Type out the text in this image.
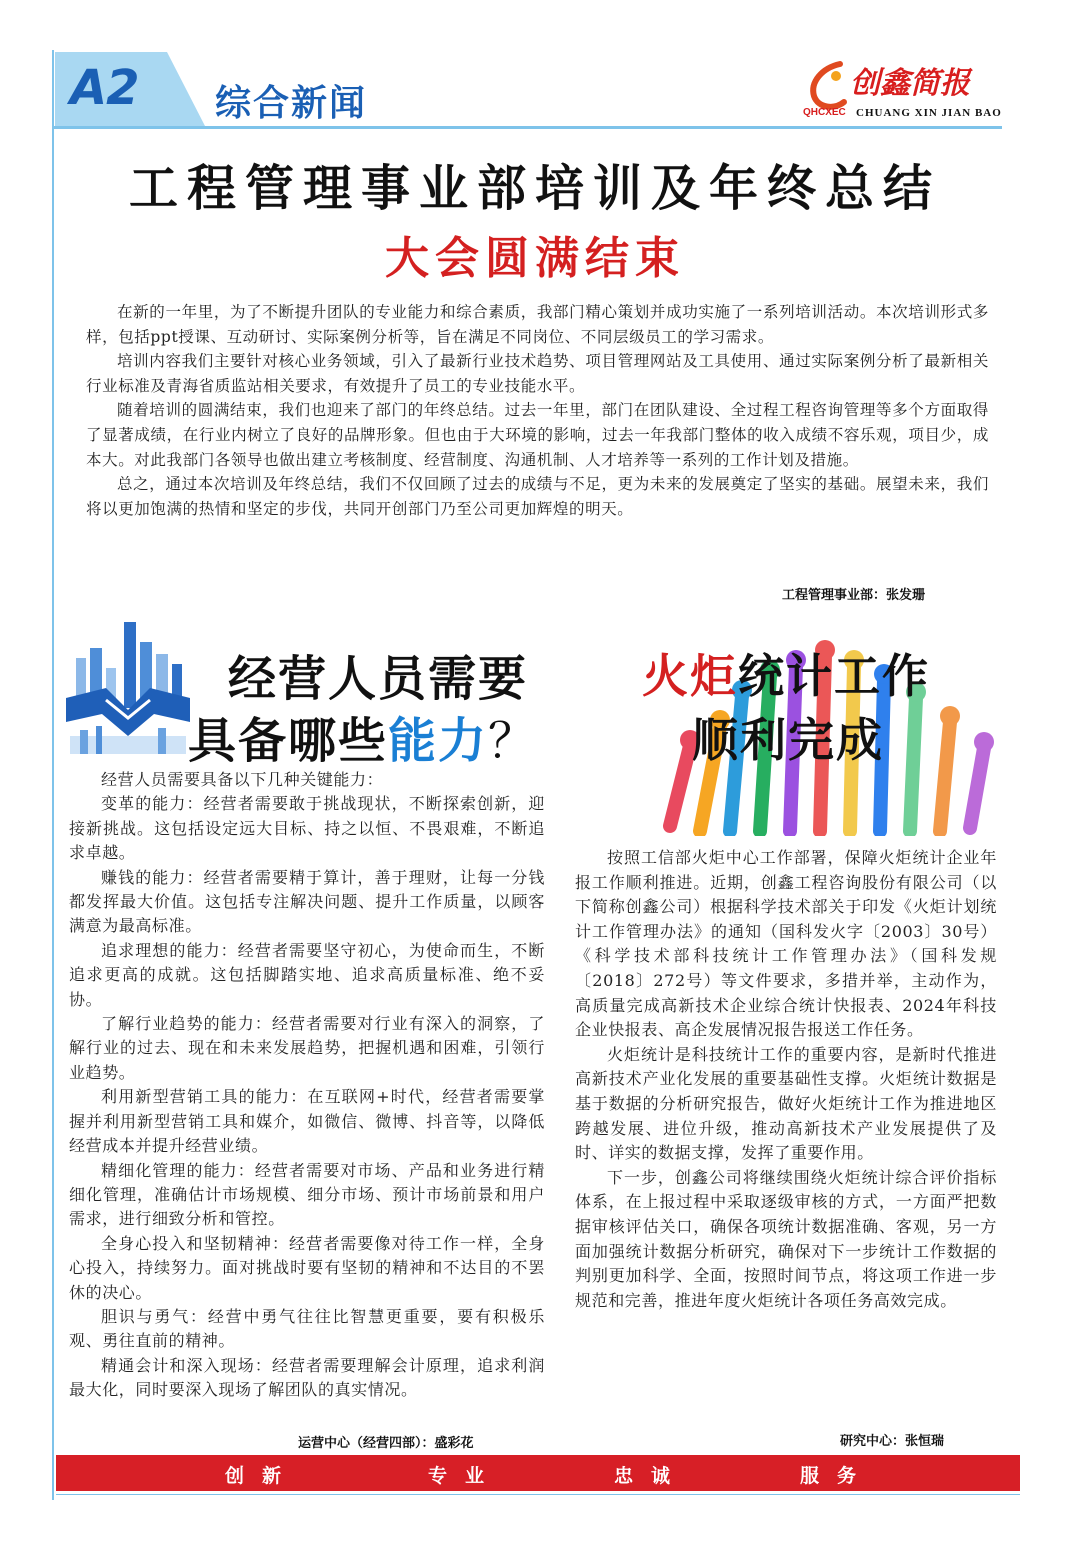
A2 综合新闻	创鑫简报
QHCXEC CHUANG XIN JIAN BAO
工程管理事业部培训及年终总结
大会圆满结束

在新的一年里，为了不断提升团队的专业能力和综合素质，我部门精心策划并成功实施了一系列培训活动。本次培训形式多样，包括ppt授课、互动研讨、实际案例分析等，旨在满足不同岗位、不同层级员工的学习需求。

培训内容我们主要针对核心业务领域，引入了最新行业技术趋势、项目管理网站及工具使用、通过实际案例分析了最新相关行业标准及青海省质监站相关要求，有效提升了员工的专业技能水平。

随着培训的圆满结束，我们也迎来了部门的年终总结。过去一年里，部门在团队建设、全过程工程咨询管理等多个方面取得了显著成绩，在行业内树立了良好的品牌形象。但也由于大环境的影响，过去一年我部门整体的收入成绩不容乐观，项目少，成本大。对此我部门各领导也做出建立考核制度、经营制度、沟通机制、人才培养等一系列的工作计划及措施。

总之，通过本次培训及年终总结，我们不仅回顾了过去的成绩与不足，更为未来的发展奠定了坚实的基础。展望未来，我们将以更加饱满的热情和坚定的步伐，共同开创部门乃至公司更加辉煌的明天。

工程管理事业部：张发珊
经营人员需要
具备哪些能力？

经营人员需要具备以下几种关键能力：

变革的能力：经营者需要敢于挑战现状，不断探索创新，迎接新挑战。这包括设定远大目标、持之以恒、不畏艰难，不断追求卓越。

赚钱的能力：经营者需要精于算计，善于理财，让每一分钱都发挥最大价值。这包括专注解决问题、提升工作质量，以顾客满意为最高标准。

追求理想的能力：经营者需要坚守初心，为使命而生，不断追求更高的成就。这包括脚踏实地、追求高质量标准、绝不妥协。

了解行业趋势的能力：经营者需要对行业有深入的洞察，了解行业的过去、现在和未来发展趋势，把握机遇和困难，引领行业趋势。

利用新型营销工具的能力：在互联网+时代，经营者需要掌握并利用新型营销工具和媒介，如微信、微博、抖音等，以降低经营成本并提升经营业绩。

精细化管理的能力：经营者需要对市场、产品和业务进行精细化管理，准确估计市场规模、细分市场、预计市场前景和用户需求，进行细致分析和管控。

全身心投入和坚韧精神：经营者需要像对待工作一样，全身心投入，持续努力。面对挑战时要有坚韧的精神和不达目的不罢休的决心。

胆识与勇气：经营中勇气往往比智慧更重要，要有积极乐观、勇往直前的精神。

精通会计和深入现场：经营者需要理解会计原理，追求利润最大化，同时要深入现场了解团队的真实情况。

运营中心（经营四部）：盛彩花
火炬统计工作
顺利完成

按照工信部火炬中心工作部署，保障火炬统计企业年报工作顺利推进。近期，创鑫工程咨询股份有限公司（以下简称创鑫公司）根据科学技术部关于印发《火炬计划统计工作管理办法》的通知（国科发火字〔2003〕30号）《科学技术部科技统计工作管理办法》（国科发规〔2018〕272号）等文件要求，多措并举，主动作为，高质量完成高新技术企业综合统计快报表、2024年科技企业快报表、高企发展情况报告报送工作任务。

火炬统计是科技统计工作的重要内容，是新时代推进高新技术产业化发展的重要基础性支撑。火炬统计数据是基于数据的分析研究报告，做好火炬统计工作为推进地区跨越发展、进位升级，推动高新技术产业发展提供了及时、详实的数据支撑，发挥了重要作用。

下一步，创鑫公司将继续围绕火炬统计综合评价指标体系，在上报过程中采取逐级审核的方式，一方面严把数据审核评估关口，确保各项统计数据准确、客观，另一方面加强统计数据分析研究，确保对下一步统计工作数据的判别更加科学、全面，按照时间节点，将这项工作进一步规范和完善，推进年度火炬统计各项任务高效完成。

研究中心：张恒瑞
创新	专业	忠诚	服务
